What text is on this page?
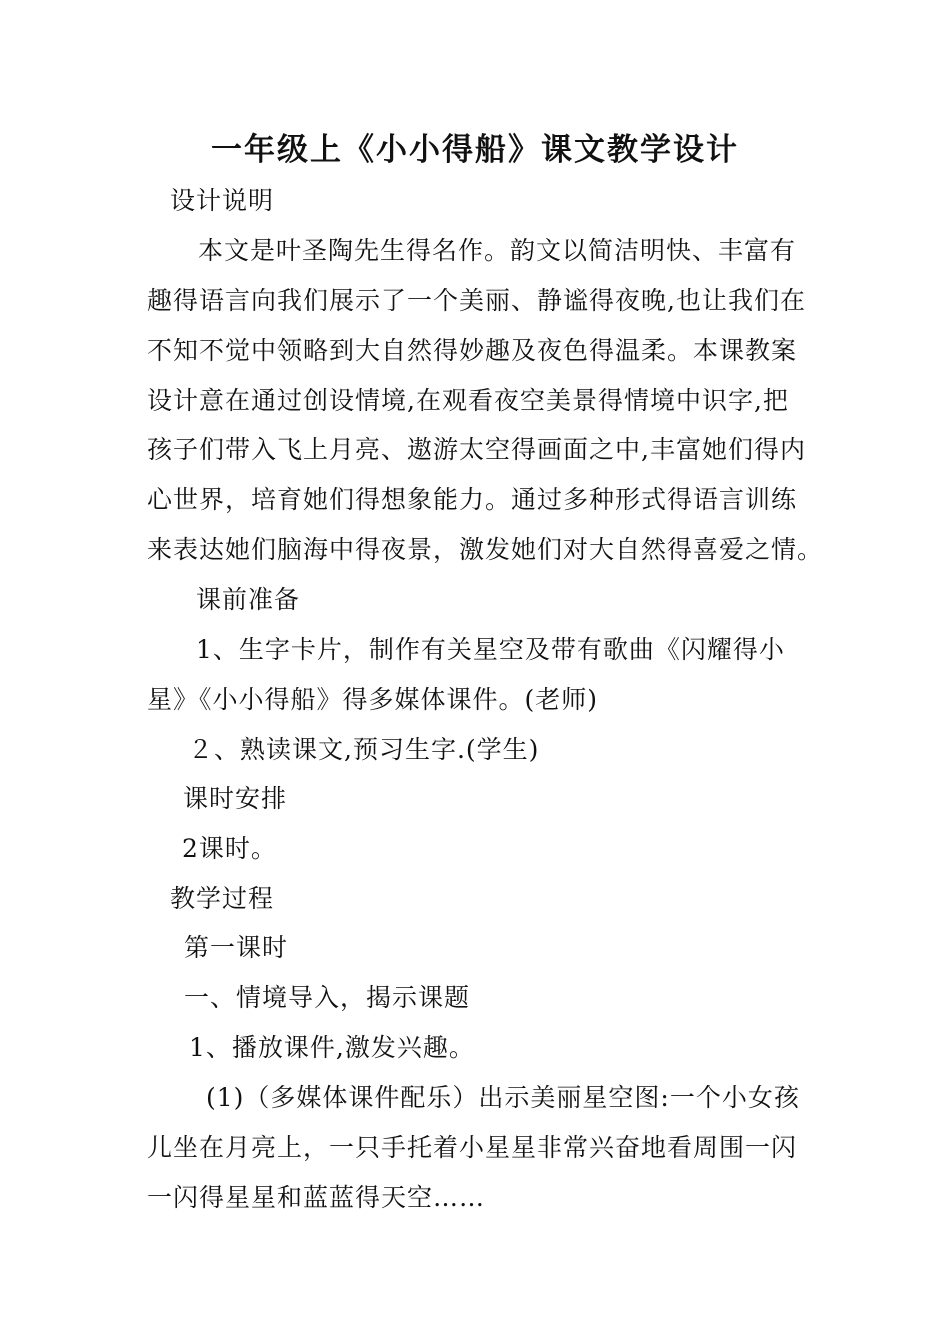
一年级上《小小得船》课文教学设计
设计说明
本文是叶圣陶先生得名作。韵文以简洁明快、丰富有
趣得语言向我们展示了一个美丽、静谧得夜晚,也让我们在
不知不觉中领略到大自然得妙趣及夜色得温柔。本课教案
设计意在通过创设情境,在观看夜空美景得情境中识字,把
孩子们带入飞上月亮、遨游太空得画面之中,丰富她们得内
心世界，培育她们得想象能力。通过多种形式得语言训练
来表达她们脑海中得夜景，激发她们对大自然得喜爱之情。
课前准备
1、生字卡片，制作有关星空及带有歌曲《闪耀得小
星》《小小得船》得多媒体课件。(老师)
２、熟读课文,预习生字.(学生)
课时安排
2课时。
教学过程
第一课时
一、情境导入，揭示课题
1、播放课件,激发兴趣。
(1)（多媒体课件配乐）出示美丽星空图:一个小女孩
儿坐在月亮上，一只手托着小星星非常兴奋地看周围一闪
一闪得星星和蓝蓝得天空……
